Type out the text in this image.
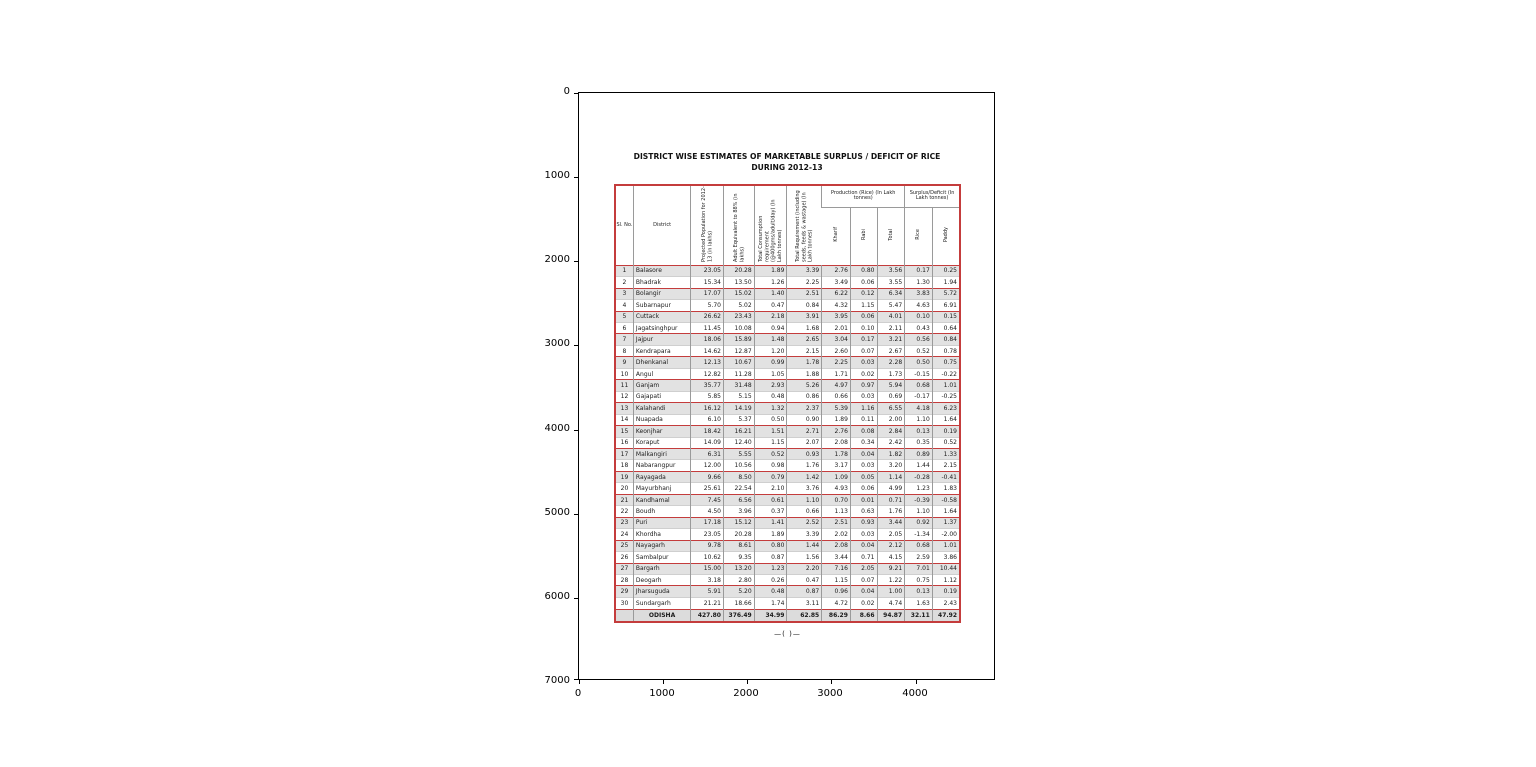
0
1000
2000
3000
4000
5000
6000
7000
0	1000	2000	3000	4000
DISTRICT WISE ESTIMATES OF MARKETABLE SURPLUS / DEFICIT OF RICE
DURING 2012-13
Sl. No.	District	Projected Population for 2012-13 (in lakhs)	Adult Equivalent to 88% (in lakhs)	Total Consumption requirement (@400gms/adult/day) (In Lakh tonnes)	Total Requirement (including seeds, feeds & wastage) (In Lakh tonnes)	Production (Rice) (In Lakh tonnes)			Surplus/Deficit (In Lakh tonnes)	
						Kharif	Rabi	Total	Rice	Paddy
1	Balasore	23.05	20.28	1.89	3.39	2.76	0.80	3.56	0.17	0.25
2	Bhadrak	15.34	13.50	1.26	2.25	3.49	0.06	3.55	1.30	1.94
3	Bolangir	17.07	15.02	1.40	2.51	6.22	0.12	6.34	3.83	5.72
4	Subarnapur	5.70	5.02	0.47	0.84	4.32	1.15	5.47	4.63	6.91
5	Cuttack	26.62	23.43	2.18	3.91	3.95	0.06	4.01	0.10	0.15
6	Jagatsinghpur	11.45	10.08	0.94	1.68	2.01	0.10	2.11	0.43	0.64
7	Jajpur	18.06	15.89	1.48	2.65	3.04	0.17	3.21	0.56	0.84
8	Kendrapara	14.62	12.87	1.20	2.15	2.60	0.07	2.67	0.52	0.78
9	Dhenkanal	12.13	10.67	0.99	1.78	2.25	0.03	2.28	0.50	0.75
10	Angul	12.82	11.28	1.05	1.88	1.71	0.02	1.73	-0.15	-0.22
11	Ganjam	35.77	31.48	2.93	5.26	4.97	0.97	5.94	0.68	1.01
12	Gajapati	5.85	5.15	0.48	0.86	0.66	0.03	0.69	-0.17	-0.25
13	Kalahandi	16.12	14.19	1.32	2.37	5.39	1.16	6.55	4.18	6.23
14	Nuapada	6.10	5.37	0.50	0.90	1.89	0.11	2.00	1.10	1.64
15	Keonjhar	18.42	16.21	1.51	2.71	2.76	0.08	2.84	0.13	0.19
16	Koraput	14.09	12.40	1.15	2.07	2.08	0.34	2.42	0.35	0.52
17	Malkangiri	6.31	5.55	0.52	0.93	1.78	0.04	1.82	0.89	1.33
18	Nabarangpur	12.00	10.56	0.98	1.76	3.17	0.03	3.20	1.44	2.15
19	Rayagada	9.66	8.50	0.79	1.42	1.09	0.05	1.14	-0.28	-0.41
20	Mayurbhanj	25.61	22.54	2.10	3.76	4.93	0.06	4.99	1.23	1.83
21	Kandhamal	7.45	6.56	0.61	1.10	0.70	0.01	0.71	-0.39	-0.58
22	Boudh	4.50	3.96	0.37	0.66	1.13	0.63	1.76	1.10	1.64
23	Puri	17.18	15.12	1.41	2.52	2.51	0.93	3.44	0.92	1.37
24	Khordha	23.05	20.28	1.89	3.39	2.02	0.03	2.05	-1.34	-2.00
25	Nayagarh	9.78	8.61	0.80	1.44	2.08	0.04	2.12	0.68	1.01
26	Sambalpur	10.62	9.35	0.87	1.56	3.44	0.71	4.15	2.59	3.86
27	Bargarh	15.00	13.20	1.23	2.20	7.16	2.05	9.21	7.01	10.44
28	Deogarh	3.18	2.80	0.26	0.47	1.15	0.07	1.22	0.75	1.12
29	Jharsuguda	5.91	5.20	0.48	0.87	0.96	0.04	1.00	0.13	0.19
30	Sundargarh	21.21	18.66	1.74	3.11	4.72	0.02	4.74	1.63	2.43
	ODISHA	427.80	376.49	34.99	62.85	86.29	8.66	94.87	32.11	47.92
—( )—
